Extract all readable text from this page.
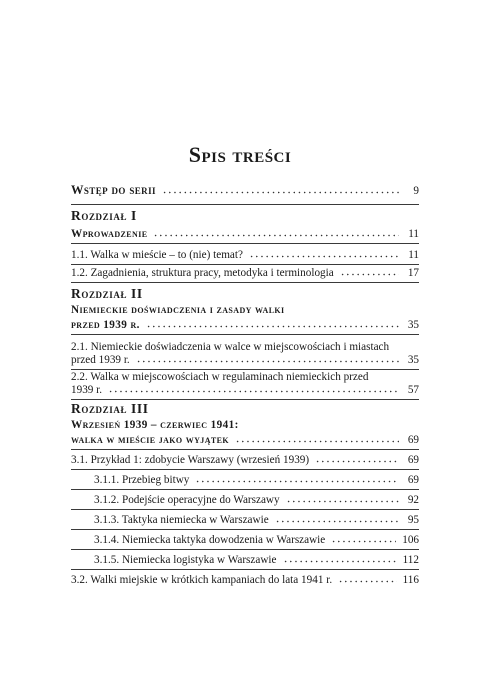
Spis treści
Wstęp do serii	9
Rozdział I
Wprowadzenie	11
1.1. Walka w mieście – to (nie) temat?	11
1.2. Zagadnienia, struktura pracy, metodyka i terminologia	17
Rozdział II
Niemieckie doświadczenia i zasady walki
przed 1939 r.	35
2.1. Niemieckie doświadczenia w walce w miejscowościach i miastach
przed 1939 r.	35
2.2. Walka w miejscowościach w regulaminach niemieckich przed
1939 r.	57
Rozdział III
Wrzesień 1939 – czerwiec 1941:
walka w mieście jako wyjątek	69
3.1. Przykład 1: zdobycie Warszawy (wrzesień 1939)	69
3.1.1. Przebieg bitwy	69
3.1.2. Podejście operacyjne do Warszawy	92
3.1.3. Taktyka niemiecka w Warszawie	95
3.1.4. Niemiecka taktyka dowodzenia w Warszawie	106
3.1.5. Niemiecka logistyka w Warszawie	112
3.2. Walki miejskie w krótkich kampaniach do lata 1941 r.	116
